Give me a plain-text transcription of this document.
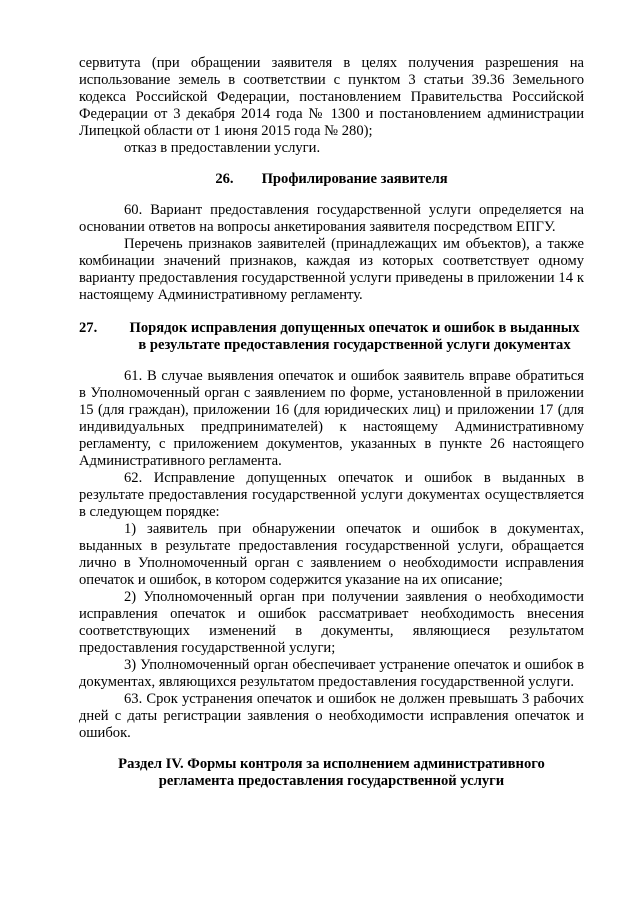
сервитута (при обращении заявителя в целях получения разрешения на использование земель в соответствии с пунктом 3 статьи 39.36 Земельного кодекса Российской Федерации, постановлением Правительства Российской Федерации от 3 декабря 2014 года № 1300 и постановлением администрации Липецкой области от 1 июня 2015 года № 280);

отказ в предоставлении услуги.

26. Профилирование заявителя

60. Вариант предоставления государственной услуги определяется на основании ответов на вопросы анкетирования заявителя посредством ЕПГУ.

Перечень признаков заявителей (принадлежащих им объектов), а также комбинации значений признаков, каждая из которых соответствует одному варианту предоставления государственной услуги приведены в приложении 14 к настоящему Административному регламенту.

27.	Порядок исправления допущенных опечаток и ошибок в выданных в результате предоставления государственной услуги документах

61. В случае выявления опечаток и ошибок заявитель вправе обратиться в Уполномоченный орган с заявлением по форме, установленной в приложении 15 (для граждан), приложении 16 (для юридических лиц) и приложении 17 (для индивидуальных предпринимателей) к настоящему Административному регламенту, с приложением документов, указанных в пункте 26 настоящего Административного регламента.

62. Исправление допущенных опечаток и ошибок в выданных в результате предоставления государственной услуги документах осуществляется в следующем порядке:

1) заявитель при обнаружении опечаток и ошибок в документах, выданных в результате предоставления государственной услуги, обращается лично в Уполномоченный орган с заявлением о необходимости исправления опечаток и ошибок, в котором содержится указание на их описание;

2) Уполномоченный орган при получении заявления о необходимости исправления опечаток и ошибок рассматривает необходимость внесения соответствующих изменений в документы, являющиеся результатом предоставления государственной услуги;

3) Уполномоченный орган обеспечивает устранение опечаток и ошибок в документах, являющихся результатом предоставления государственной услуги.

63. Срок устранения опечаток и ошибок не должен превышать 3 рабочих дней с даты регистрации заявления о необходимости исправления опечаток и ошибок.

Раздел IV. Формы контроля за исполнением административного регламента предоставления государственной услуги
